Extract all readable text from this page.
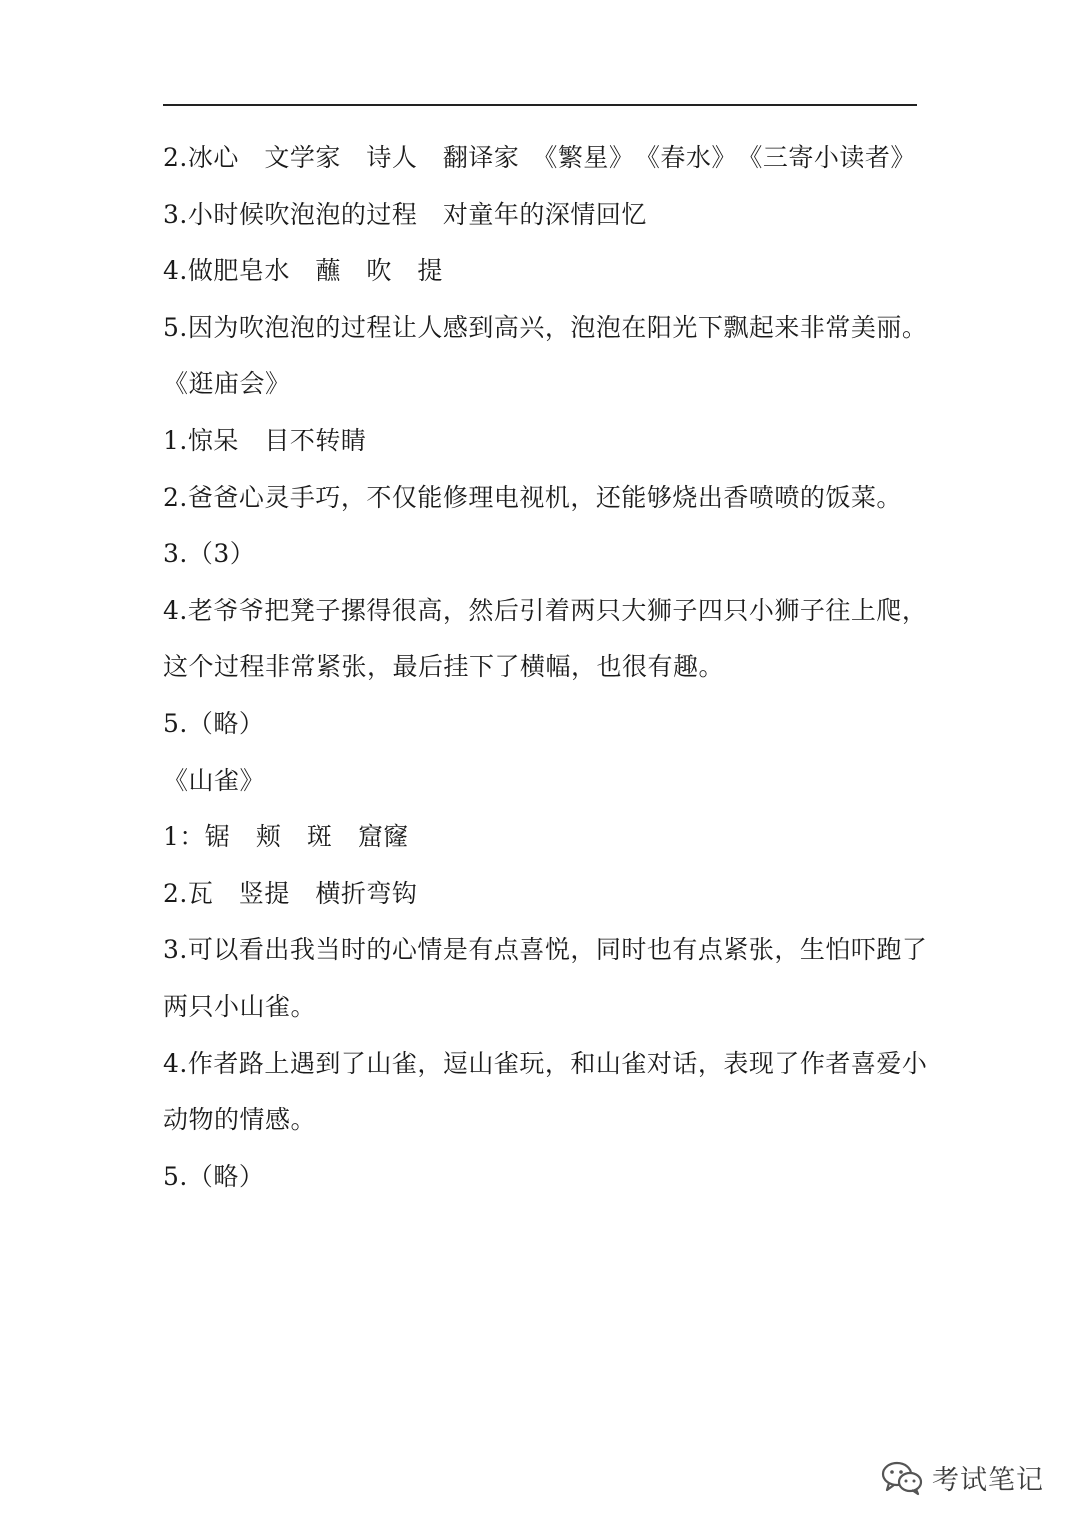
2.冰心　文学家　诗人　翻译家　《繁星》　《春水》　《三寄小读者》
3.小时候吹泡泡的过程　对童年的深情回忆
4.做肥皂水　蘸　吹　提
5.因为吹泡泡的过程让人感到高兴，泡泡在阳光下飘起来非常美丽。
《逛庙会》
1.惊呆　目不转睛
2.爸爸心灵手巧，不仅能修理电视机，还能够烧出香喷喷的饭菜。
3.（3）
4.老爷爷把凳子摞得很高，然后引着两只大狮子四只小狮子往上爬，
这个过程非常紧张，最后挂下了横幅，也很有趣。
5.（略）
《山雀》
1：锯　颊　斑　窟窿
2.瓦　竖提　横折弯钩
3.可以看出我当时的心情是有点喜悦，同时也有点紧张，生怕吓跑了
两只小山雀。
4.作者路上遇到了山雀，逗山雀玩，和山雀对话，表现了作者喜爱小
动物的情感。
5.（略）
考试笔记
